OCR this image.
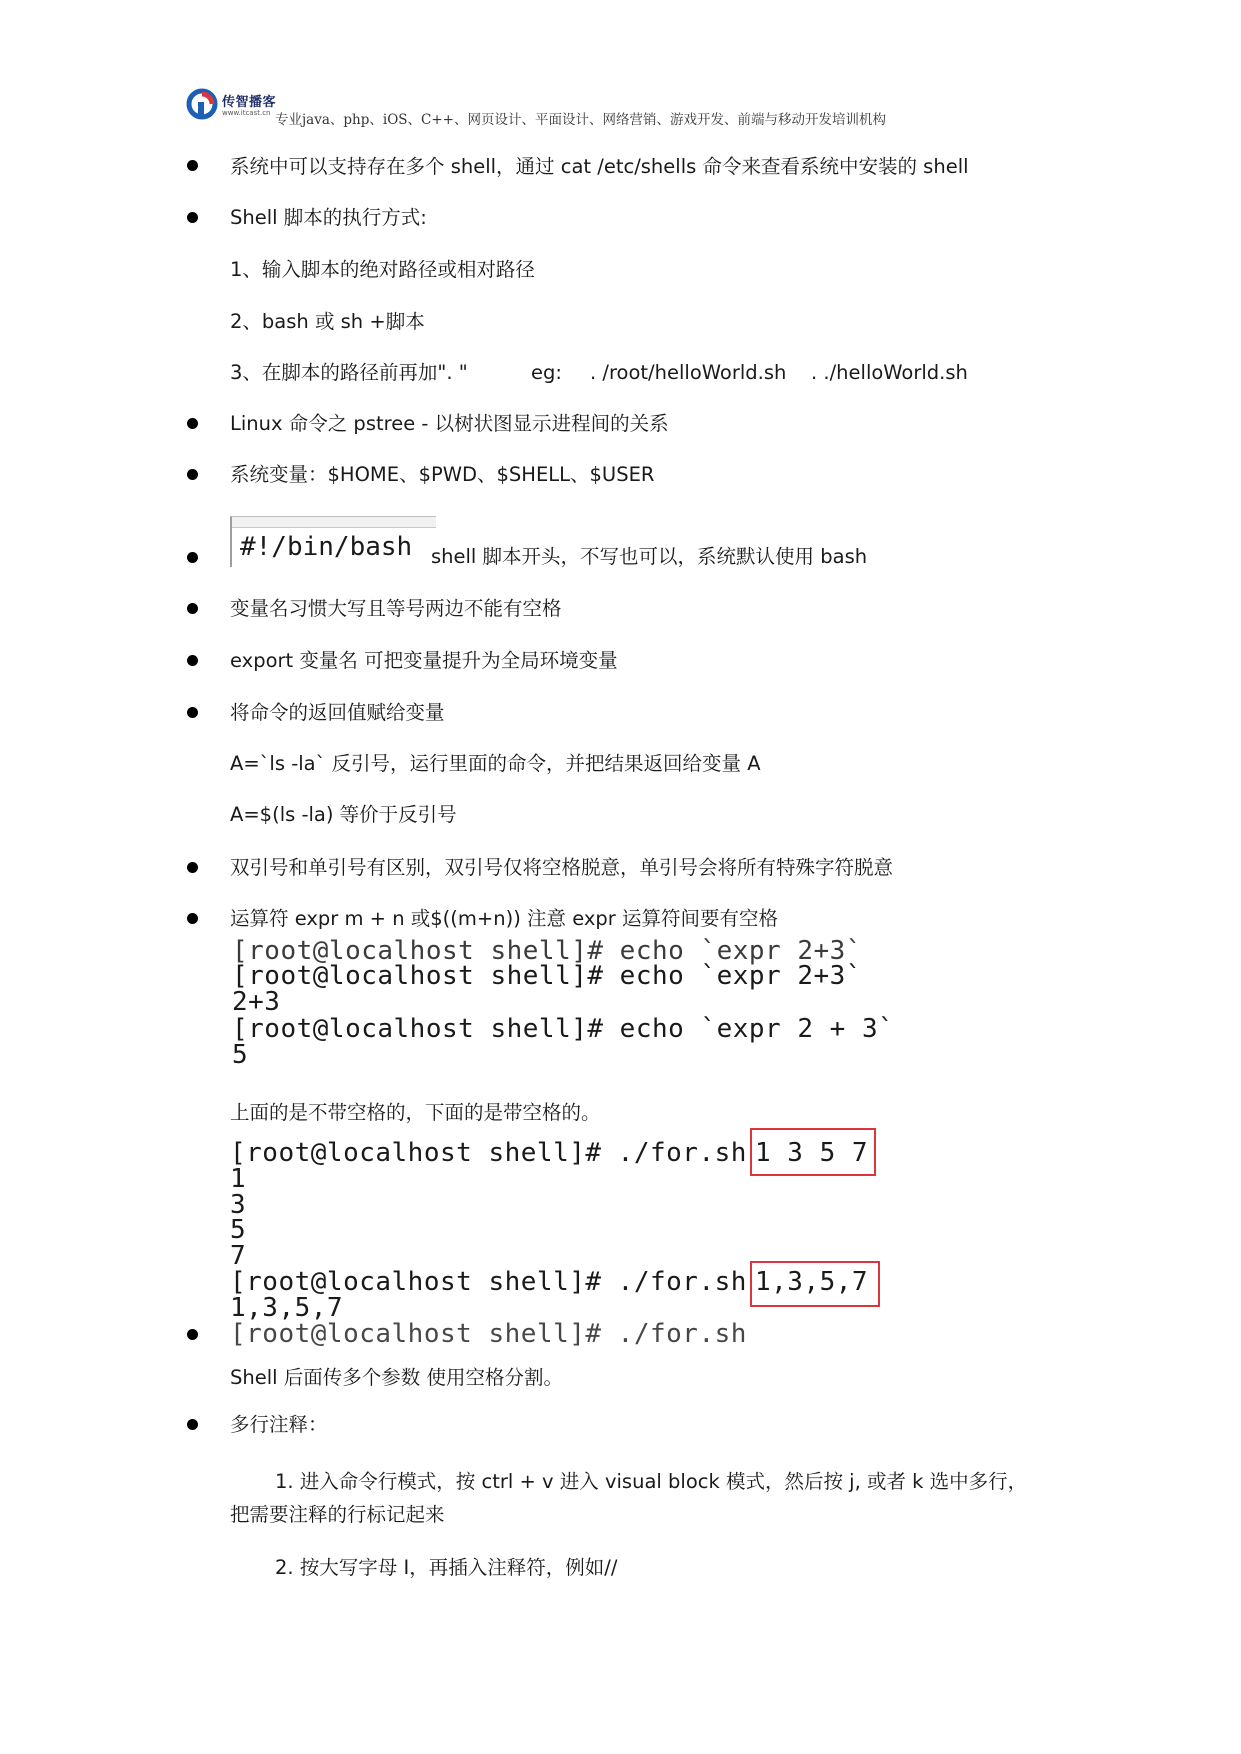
传智播客
www.itcast.cn 专业java、php、iOS、C++、网页设计、平面设计、网络营销、游戏开发、前端与移动开发培训机构
系统中可以支持存在多个 shell，通过 cat /etc/shells 命令来查看系统中安装的 shell
Shell 脚本的执行方式:
1、输入脚本的绝对路径或相对路径
2、bash 或 sh +脚本
3、在脚本的路径前再加". "	eg: . /root/helloWorld.sh . ./helloWorld.sh
Linux 命令之 pstree - 以树状图显示进程间的关系
系统变量：$HOME、$PWD、$SHELL、$USER
#!/bin/bash shell 脚本开头，不写也可以，系统默认使用 bash
变量名习惯大写且等号两边不能有空格
export 变量名 可把变量提升为全局环境变量
将命令的返回值赋给变量
A=`ls -la` 反引号，运行里面的命令，并把结果返回给变量 A
A=$(ls -la) 等价于反引号
双引号和单引号有区别，双引号仅将空格脱意，单引号会将所有特殊字符脱意
运算符 expr m + n 或$((m+n)) 注意 expr 运算符间要有空格
[root@localhost shell]# echo `expr 2+3`
[root@localhost shell]# echo `expr 2+3`
2+3
[root@localhost shell]# echo `expr 2 + 3`
5
上面的是不带空格的，下面的是带空格的。
[root@localhost shell]# ./for.sh 1 3 5 7
1
3
5
7
[root@localhost shell]# ./for.sh 1,3,5,7
1,3,5,7
[root@localhost shell]# ./for.sh
Shell 后面传多个参数 使用空格分割。
多行注释：
1. 进入命令行模式，按 ctrl + v 进入 visual block 模式，然后按 j, 或者 k 选中多行，
把需要注释的行标记起来
2. 按大写字母 I，再插入注释符，例如//
